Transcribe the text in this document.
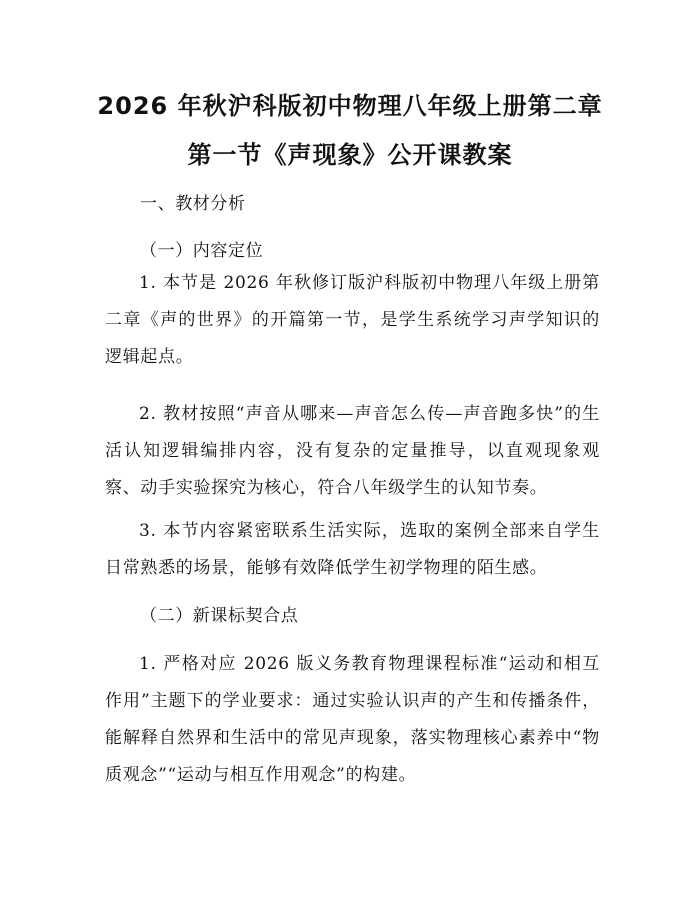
2026 年秋沪科版初中物理八年级上册第二章
第一节《声现象》公开课教案
一、教材分析
（一）内容定位

1. 本节是 2026 年秋修订版沪科版初中物理八年级上册第二章《声的世界》的开篇第一节，是学生系统学习声学知识的逻辑起点。

2. 教材按照“声音从哪来—声音怎么传—声音跑多快”的生活认知逻辑编排内容，没有复杂的定量推导，以直观现象观察、动手实验探究为核心，符合八年级学生的认知节奏。

3. 本节内容紧密联系生活实际，选取的案例全部来自学生日常熟悉的场景，能够有效降低学生初学物理的陌生感。

（二）新课标契合点

1. 严格对应 2026 版义务教育物理课程标准“运动和相互作用”主题下的学业要求：通过实验认识声的产生和传播条件，能解释自然界和生活中的常见声现象，落实物理核心素养中“物质观念”“运动与相互作用观念”的构建。
